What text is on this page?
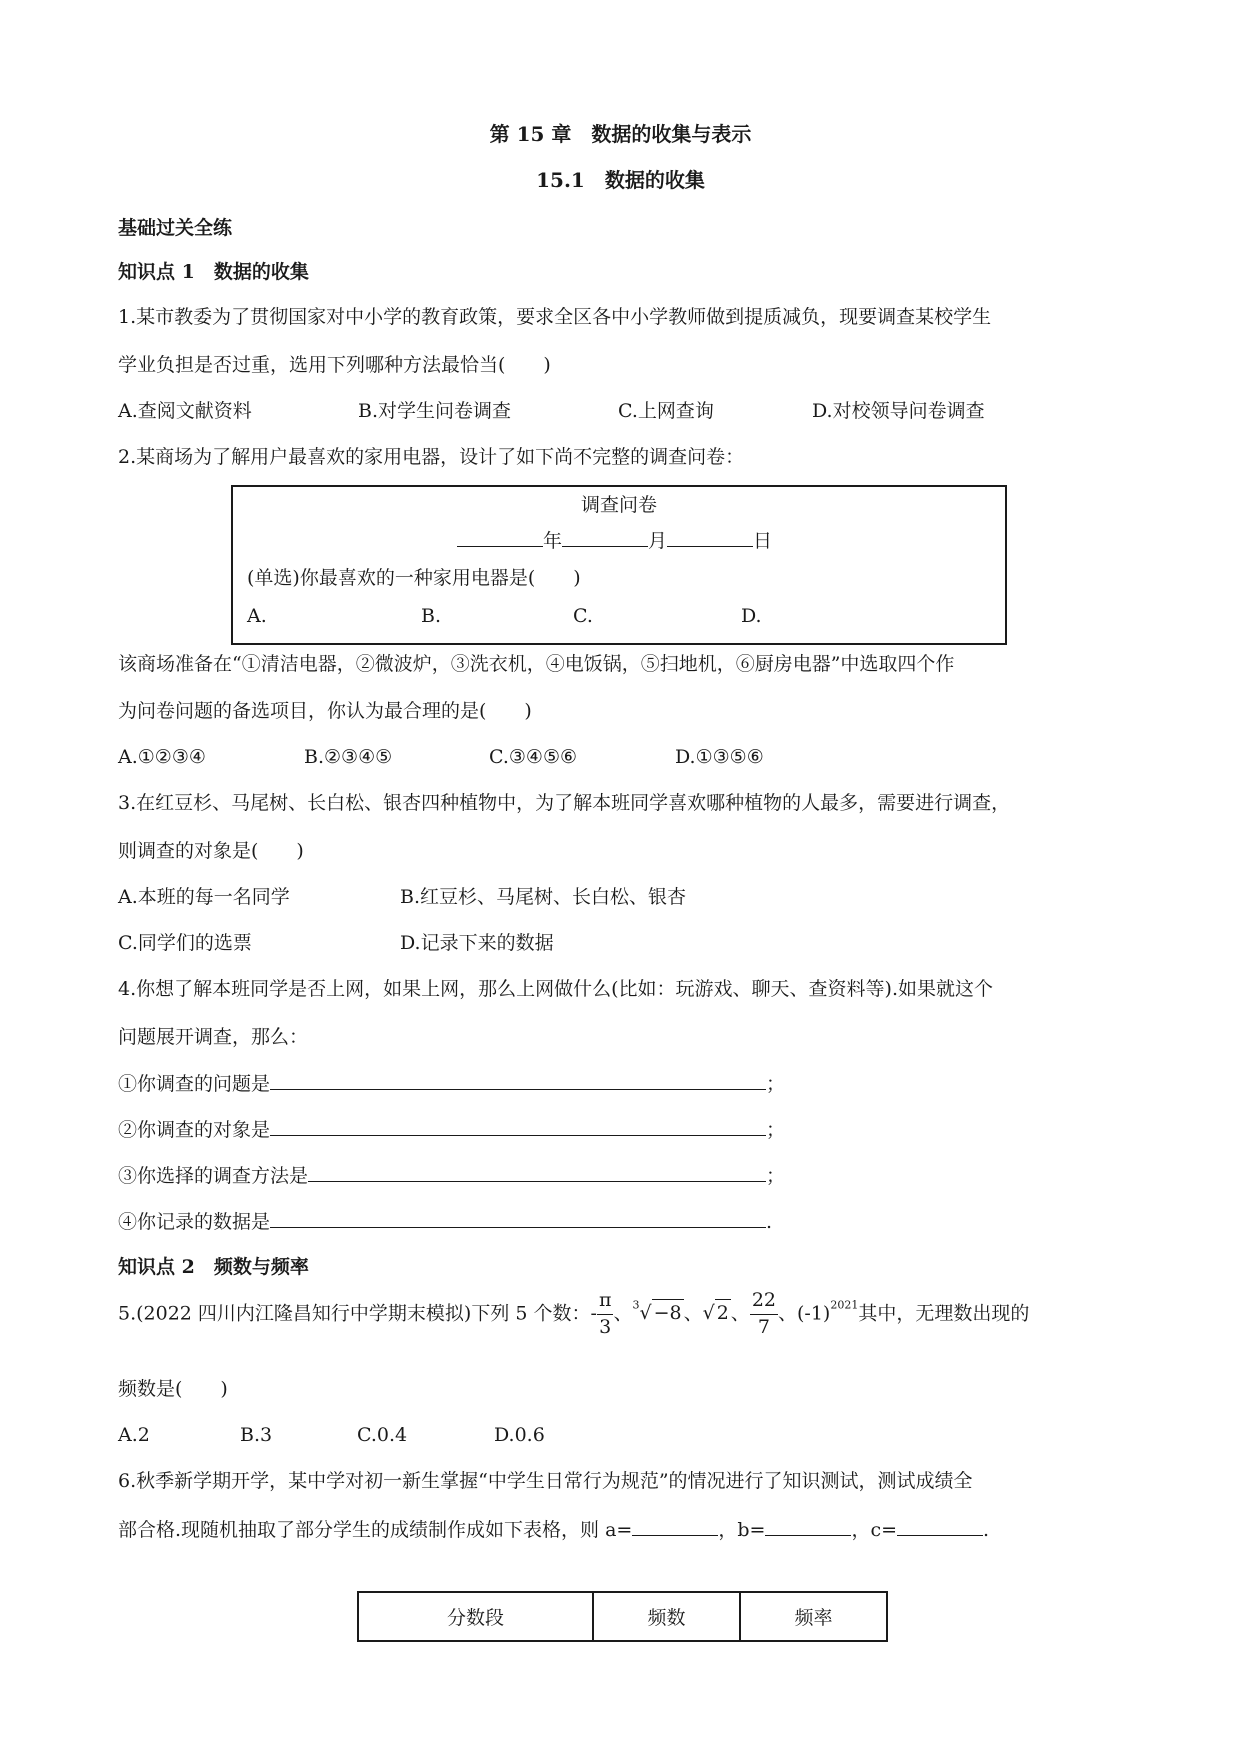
第 15 章　数据的收集与表示
15.1　数据的收集
基础过关全练
知识点 1　数据的收集
1.某市教委为了贯彻国家对中小学的教育政策，要求全区各中小学教师做到提质减负，现要调查某校学生
学业负担是否过重，选用下列哪种方法最恰当(　　)
A.查阅文献资料	B.对学生问卷调查	C.上网查询	D.对校领导问卷调查
2.某商场为了解用户最喜欢的家用电器，设计了如下尚不完整的调查问卷：
调查问卷
年	月	日
(单选)你最喜欢的一种家用电器是(　　)
A.	B.	C.	D.
该商场准备在“①清洁电器，②微波炉，③洗衣机，④电饭锅，⑤扫地机，⑥厨房电器”中选取四个作
为问卷问题的备选项目，你认为最合理的是(　　)
A.①②③④	B.②③④⑤	C.③④⑤⑥	D.①③⑤⑥
3.在红豆杉、马尾树、长白松、银杏四种植物中，为了解本班同学喜欢哪种植物的人最多，需要进行调查，
则调查的对象是(　　)
A.本班的每一名同学	B.红豆杉、马尾树、长白松、银杏
C.同学们的选票	D.记录下来的数据
4.你想了解本班同学是否上网，如果上网，那么上网做什么(比如：玩游戏、聊天、查资料等).如果就这个
问题展开调查，那么：
①你调查的问题是	；
②你调查的对象是	；
③你选择的调查方法是	；
④你记录的数据是	.
知识点 2　频数与频率
5.(2022 四川内江隆昌知行中学期末模拟)下列 5 个数：- $\frac{\pi}{3}$ 、$^3$√ −8 、√ 2 、 $\frac{22}{7}$ 、$(-1)^{2021}$其中，无理数出现的
频数是(　　)
A.2	B.3	C.0.4	D.0.6
6.秋季新学期开学，某中学对初一新生掌握“中学生日常行为规范”的情况进行了知识测试，测试成绩全
部合格.现随机抽取了部分学生的成绩制作成如下表格，则 a=	，b=	，c=	.
分数段	频数	频率
